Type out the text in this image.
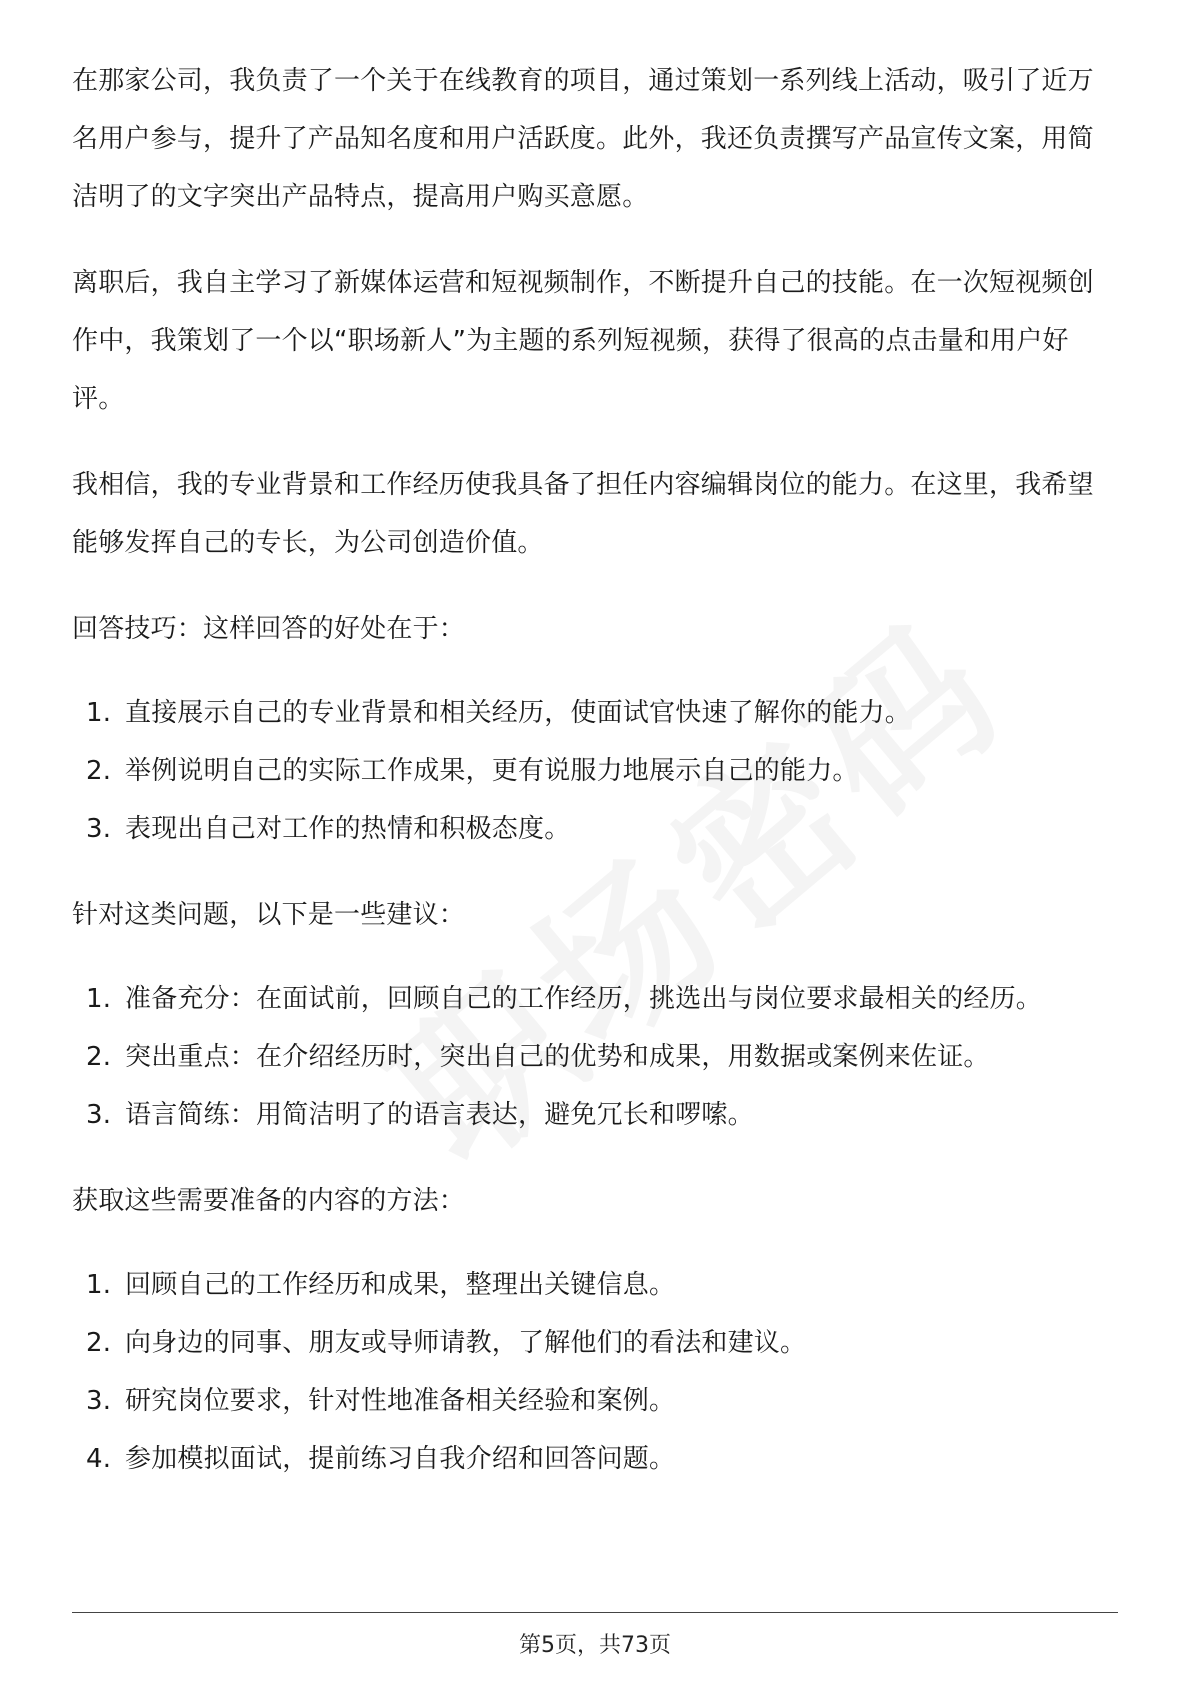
在那家公司，我负责了一个关于在线教育的项目，通过策划一系列线上活动，吸引了近万名用户参与，提升了产品知名度和用户活跃度。此外，我还负责撰写产品宣传文案，用简洁明了的文字突出产品特点，提高用户购买意愿。

离职后，我自主学习了新媒体运营和短视频制作，不断提升自己的技能。在一次短视频创作中，我策划了一个以“职场新人”为主题的系列短视频，获得了很高的点击量和用户好评。

我相信，我的专业背景和工作经历使我具备了担任内容编辑岗位的能力。在这里，我希望能够发挥自己的专长，为公司创造价值。

回答技巧：这样回答的好处在于：

1. 直接展示自己的专业背景和相关经历，使面试官快速了解你的能力。
2. 举例说明自己的实际工作成果，更有说服力地展示自己的能力。
3. 表现出自己对工作的热情和积极态度。

针对这类问题，以下是一些建议：

1. 准备充分：在面试前，回顾自己的工作经历，挑选出与岗位要求最相关的经历。
2. 突出重点：在介绍经历时，突出自己的优势和成果，用数据或案例来佐证。
3. 语言简练：用简洁明了的语言表达，避免冗长和啰嗦。

获取这些需要准备的内容的方法：

1. 回顾自己的工作经历和成果，整理出关键信息。
2. 向身边的同事、朋友或导师请教，了解他们的看法和建议。
3. 研究岗位要求，针对性地准备相关经验和案例。
4. 参加模拟面试，提前练习自我介绍和回答问题。
第5页，共73页
